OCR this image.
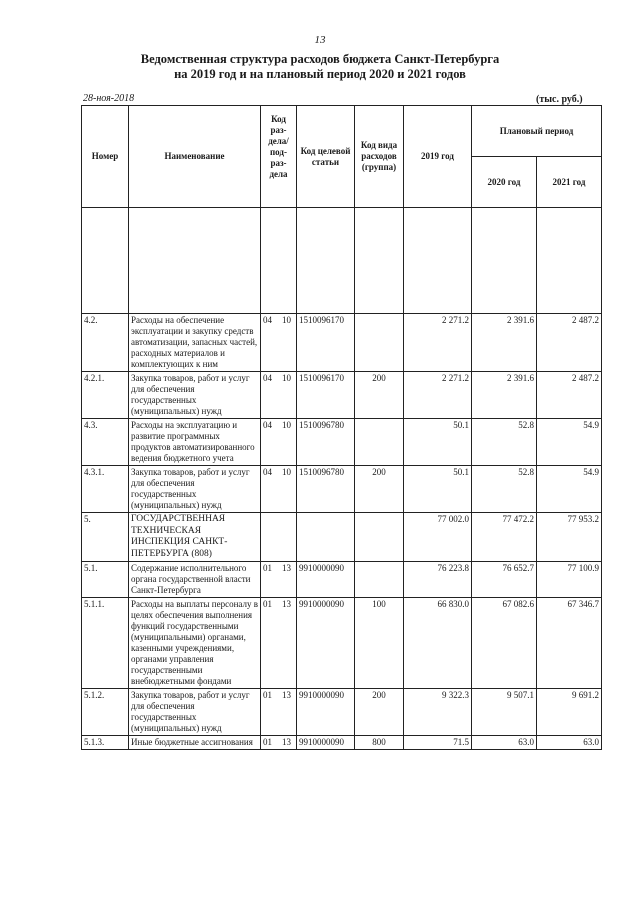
13
Ведомственная структура расходов бюджета Санкт-Петербурга
на 2019 год и на плановый период 2020 и 2021 годов
28-ноя-2018	(тыс. руб.)
Номер	Наименование	Код раз- дела/ под- раз- дела	Код целевой статьи	Код вида расходов (группа)	2019 год	Плановый период	
						2020 год	2021 год

4.2.	Расходы на обеспечение эксплуатации и закупку средств автоматизации, запасных частей, расходных материалов и комплектующих к ним	04 10	1510096170		2 271.2	2 391.6	2 487.2
4.2.1.	Закупка товаров, работ и услуг для обеспечения государственных (муниципальных) нужд	04 10	1510096170	200	2 271.2	2 391.6	2 487.2
4.3.	Расходы на эксплуатацию и развитие программных продуктов автоматизированного ведения бюджетного учета	04 10	1510096780		50.1	52.8	54.9
4.3.1.	Закупка товаров, работ и услуг для обеспечения государственных (муниципальных) нужд	04 10	1510096780	200	50.1	52.8	54.9
5.	ГОСУДАРСТВЕННАЯ ТЕХНИЧЕСКАЯ ИНСПЕКЦИЯ САНКТ-ПЕТЕРБУРГА (808)				77 002.0	77 472.2	77 953.2
5.1.	Содержание исполнительного органа государственной власти Санкт-Петербурга	01 13	9910000090		76 223.8	76 652.7	77 100.9
5.1.1.	Расходы на выплаты персоналу в целях обеспечения выполнения функций государственными (муниципальными) органами, казенными учреждениями, органами управления государственными внебюджетными фондами	01 13	9910000090	100	66 830.0	67 082.6	67 346.7
5.1.2.	Закупка товаров, работ и услуг для обеспечения государственных (муниципальных) нужд	01 13	9910000090	200	9 322.3	9 507.1	9 691.2
5.1.3.	Иные бюджетные ассигнования	01 13	9910000090	800	71.5	63.0	63.0
